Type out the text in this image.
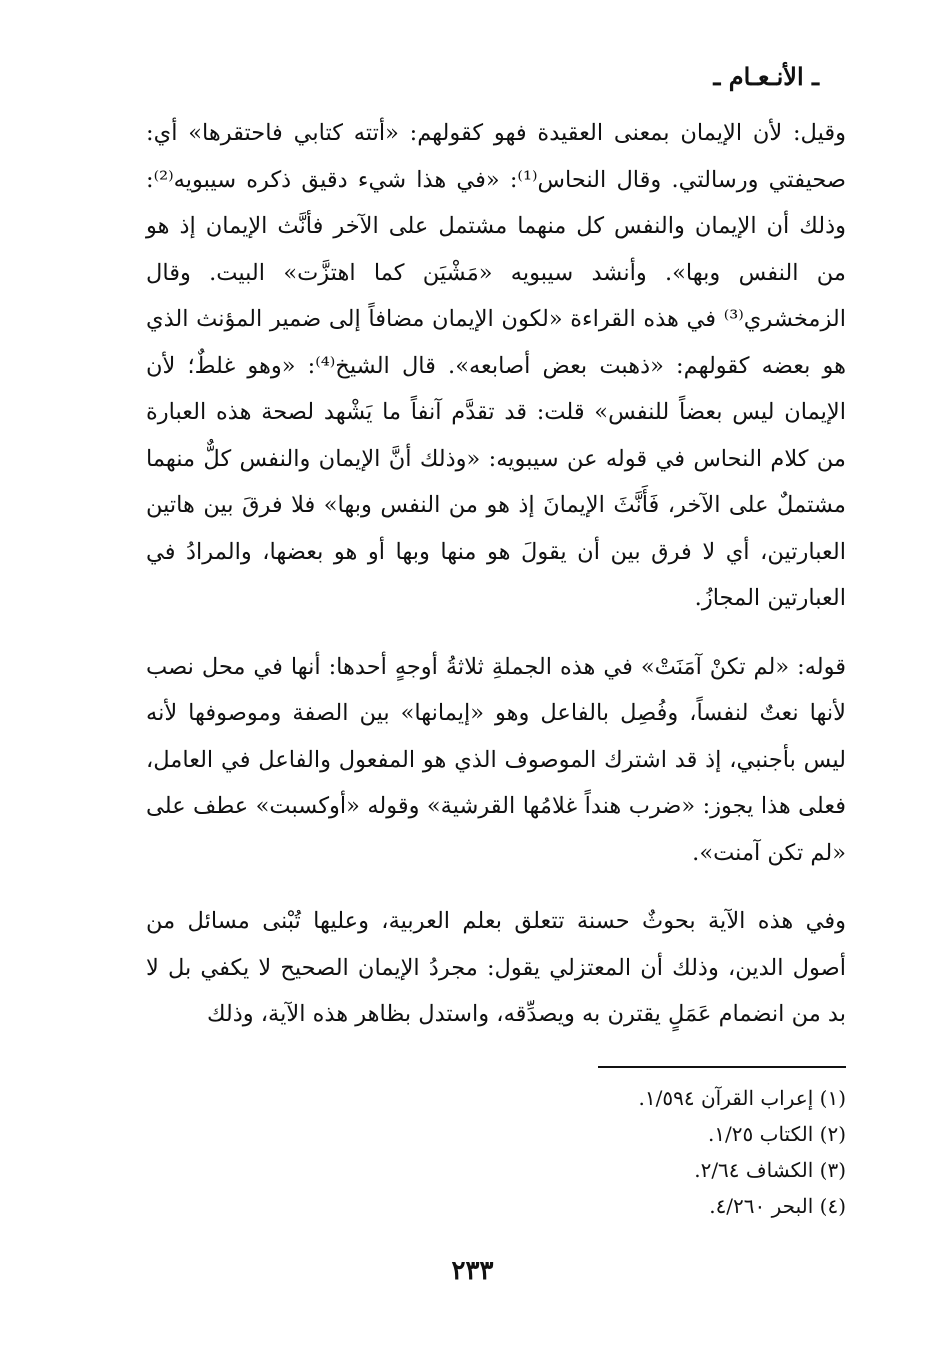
ـ الأنـعـام ـ

وقيل: لأن الإيمان بمعنى العقيدة فهو كقولهم: «أتته كتابي فاحتقرها» أي: صحيفتي ورسالتي. وقال النحاس⁽¹⁾: «في هذا شيء دقيق ذكره سيبويه⁽²⁾: وذلك أن الإيمان والنفس كل منهما مشتمل على الآخر فأنَّث الإيمان إذ هو من النفس وبها». وأنشد سيبويه «مَشْيَن كما اهتزَّت» البيت. وقال الزمخشري⁽³⁾ في هذه القراءة «لكون الإيمان مضافاً إلى ضمير المؤنث الذي هو بعضه كقولهم: «ذهبت بعض أصابعه». قال الشيخ⁽⁴⁾: «وهو غلطٌ؛ لأن الإيمان ليس بعضاً للنفس» قلت: قد تقدَّم آنفاً ما يَشْهد لصحة هذه العبارة من كلام النحاس في قوله عن سيبويه: «وذلك أنَّ الإيمان والنفس كلٌّ منهما مشتملٌ على الآخر، فَأَنَّثَ الإيمانَ إذ هو من النفس وبها» فلا فرقَ بين هاتين العبارتين، أي لا فرق بين أن يقولَ هو منها وبها أو هو بعضها، والمرادُ في العبارتين المجازُ.

قوله: «لم تكنْ آمَنَتْ» في هذه الجملةِ ثلاثةُ أوجهٍ أحدها: أنها في محل نصب لأنها نعتٌ لنفساً، وفُصِل بالفاعل وهو «إيمانها» بين الصفة وموصوفها لأنه ليس بأجنبي، إذ قد اشترك الموصوف الذي هو المفعول والفاعل في العامل، فعلى هذا يجوز: «ضرب هنداً غلامُها القرشية» وقوله «أوكسبت» عطف على «لم تكن آمنت».

وفي هذه الآية بحوثٌ حسنة تتعلق بعلم العربية، وعليها تُبْنى مسائل من أصول الدين، وذلك أن المعتزلي يقول: مجردُ الإيمان الصحيح لا يكفي بل لا بد من انضمام عَمَلٍ يقترن به ويصدِّقه، واستدل بظاهر هذه الآية، وذلك

(١) إعراب القرآن ١/٥٩٤.
(٢) الكتاب ١/٢٥.
(٣) الكشاف ٢/٦٤.
(٤) البحر ٤/٢٦٠.
٢٣٣
